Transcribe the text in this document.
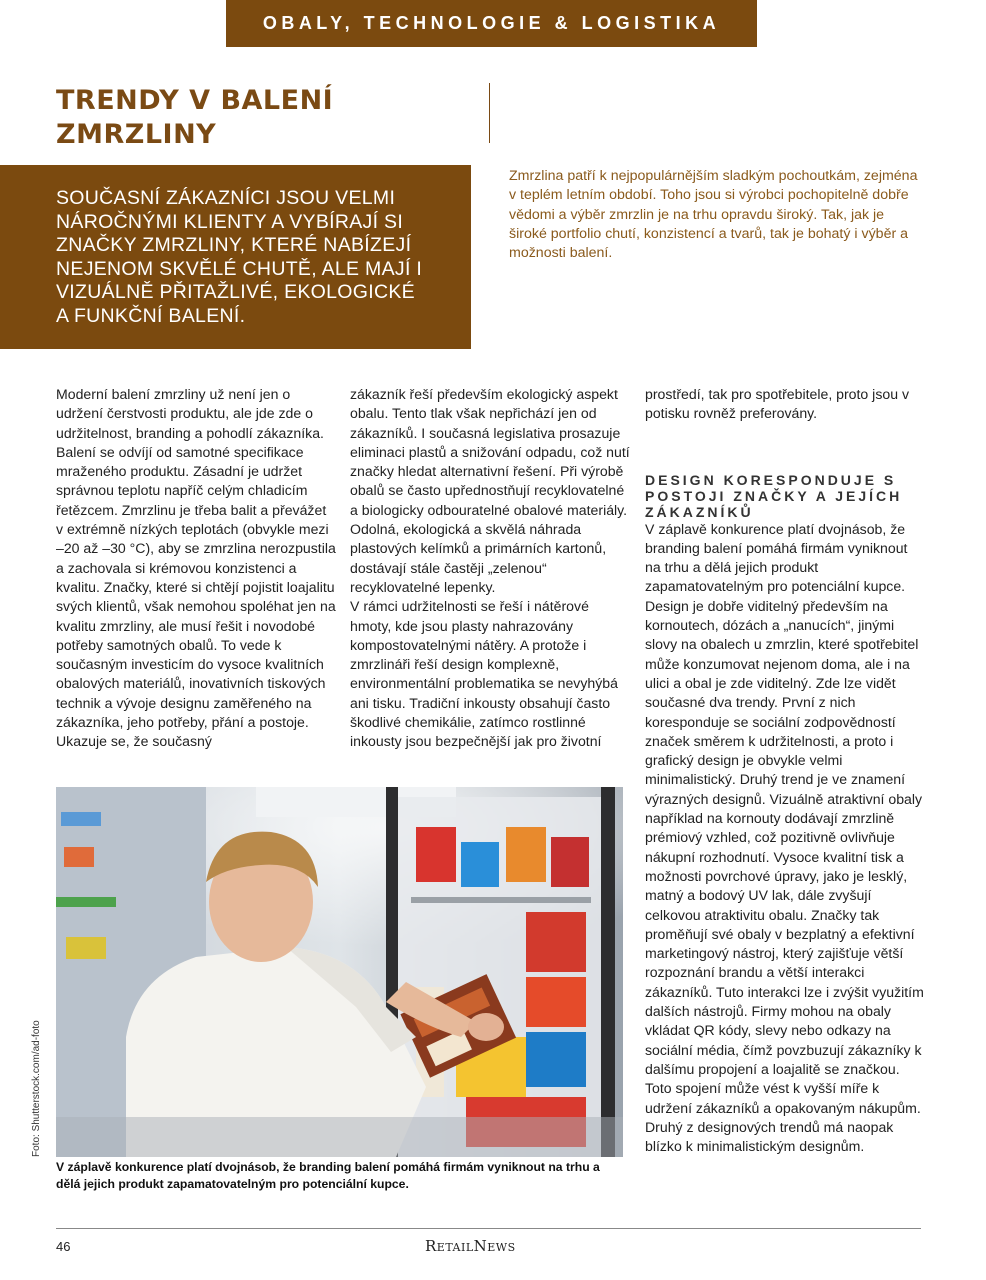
OBALY, TECHNOLOGIE & LOGISTIKA
TRENDY V BALENÍ ZMRZLINY

SOUČASNÍ ZÁKAZNÍCI JSOU VELMI NÁROČNÝMI KLIENTY A VYBÍRAJÍ SI ZNAČKY ZMRZLINY, KTERÉ NABÍZEJÍ NEJENOM SKVĚLÉ CHUTĚ, ALE MAJÍ I VIZUÁLNĚ PŘITAŽLIVÉ, EKOLOGICKÉ A FUNKČNÍ BALENÍ.

Zmrzlina patří k nejpopulárnějším sladkým pochoutkám, zejména v teplém letním období. Toho jsou si výrobci pochopitelně dobře vědomi a výběr zmrzlin je na trhu opravdu široký. Tak, jak je široké portfolio chutí, konzistencí a tvarů, tak je bohatý i výběr a možnosti balení.

Moderní balení zmrzliny už není jen o udržení čerstvosti produktu, ale jde zde o udržitelnost, branding a pohodlí zákazníka. Balení se odvíjí od samotné specifikace mraženého produktu. Zásadní je udržet správnou teplotu napříč celým chladicím řetězcem. Zmrzlinu je třeba balit a převážet v extrémně nízkých teplotách (obvykle mezi –20 až –30 °C), aby se zmrzlina nerozpustila a zachovala si krémovou konzistenci a kvalitu. Značky, které si chtějí pojistit loajalitu svých klientů, však nemohou spoléhat jen na kvalitu zmrzliny, ale musí řešit i novodobé potřeby samotných obalů. To vede k současným investicím do vysoce kvalitních obalových materiálů, inovativních tiskových technik a vývoje designu zaměřeného na zákazníka, jeho potřeby, přání a postoje. Ukazuje se, že současný

zákazník řeší především ekologický aspekt obalu. Tento tlak však nepřichází jen od zákazníků. I současná legislativa prosazuje eliminaci plastů a snižování odpadu, což nutí značky hledat alternativní řešení. Při výrobě obalů se často upřednostňují recyklovatelné a biologicky odbouratelné obalové materiály. Odolná, ekologická a skvělá náhrada plastových kelímků a primárních kartonů, dostávají stále častěji „zelenou“ recyklovatelné lepenky.

V rámci udržitelnosti se řeší i nátěrové hmoty, kde jsou plasty nahrazovány kompostovatelnými nátěry. A protože i zmrzlináři řeší design komplexně, environmentální problematika se nevyhýbá ani tisku. Tradiční inkousty obsahují často škodlivé chemikálie, zatímco rostlinné inkousty jsou bezpečnější jak pro životní

prostředí, tak pro spotřebitele, proto jsou v potisku rovněž preferovány.

DESIGN KORESPONDUJE S POSTOJI ZNAČKY A JEJÍCH ZÁKAZNÍKŮ

V záplavě konkurence platí dvojnásob, že branding balení pomáhá firmám vyniknout na trhu a dělá jejich produkt zapamatovatelným pro potenciální kupce. Design je dobře viditelný především na kornoutech, dózách a „nanucích“, jinými slovy na obalech u zmrzlin, které spotřebitel může konzumovat nejenom doma, ale i na ulici a obal je zde viditelný. Zde lze vidět současné dva trendy. První z nich koresponduje se sociální zodpovědností značek směrem k udržitelnosti, a proto i grafický design je obvykle velmi minimalistický. Druhý trend je ve znamení výrazných designů. Vizuálně atraktivní obaly například na kornouty dodávají zmrzlině prémiový vzhled, což pozitivně ovlivňuje nákupní rozhodnutí. Vysoce kvalitní tisk a možnosti povrchové úpravy, jako je lesklý, matný a bodový UV lak, dále zvyšují celkovou atraktivitu obalu. Značky tak proměňují své obaly v bezplatný a efektivní marketingový nástroj, který zajišťuje větší rozpoznání brandu a větší interakci zákazníků. Tuto interakci lze i zvýšit využitím dalších nástrojů. Firmy mohou na obaly vkládat QR kódy, slevy nebo odkazy na sociální média, čímž povzbuzují zákazníky k dalšímu propojení a loajalitě se značkou. Toto spojení může vést k vyšší míře k udržení zákazníků a opakovaným nákupům. Druhý z designových trendů má naopak blízko k minimalistickým designům.

Foto: Shutterstock.com/ad-foto

V záplavě konkurence platí dvojnásob, že branding balení pomáhá firmám vyniknout na trhu a dělá jejich produkt zapamatovatelným pro potenciální kupce.

46	RetailNews
